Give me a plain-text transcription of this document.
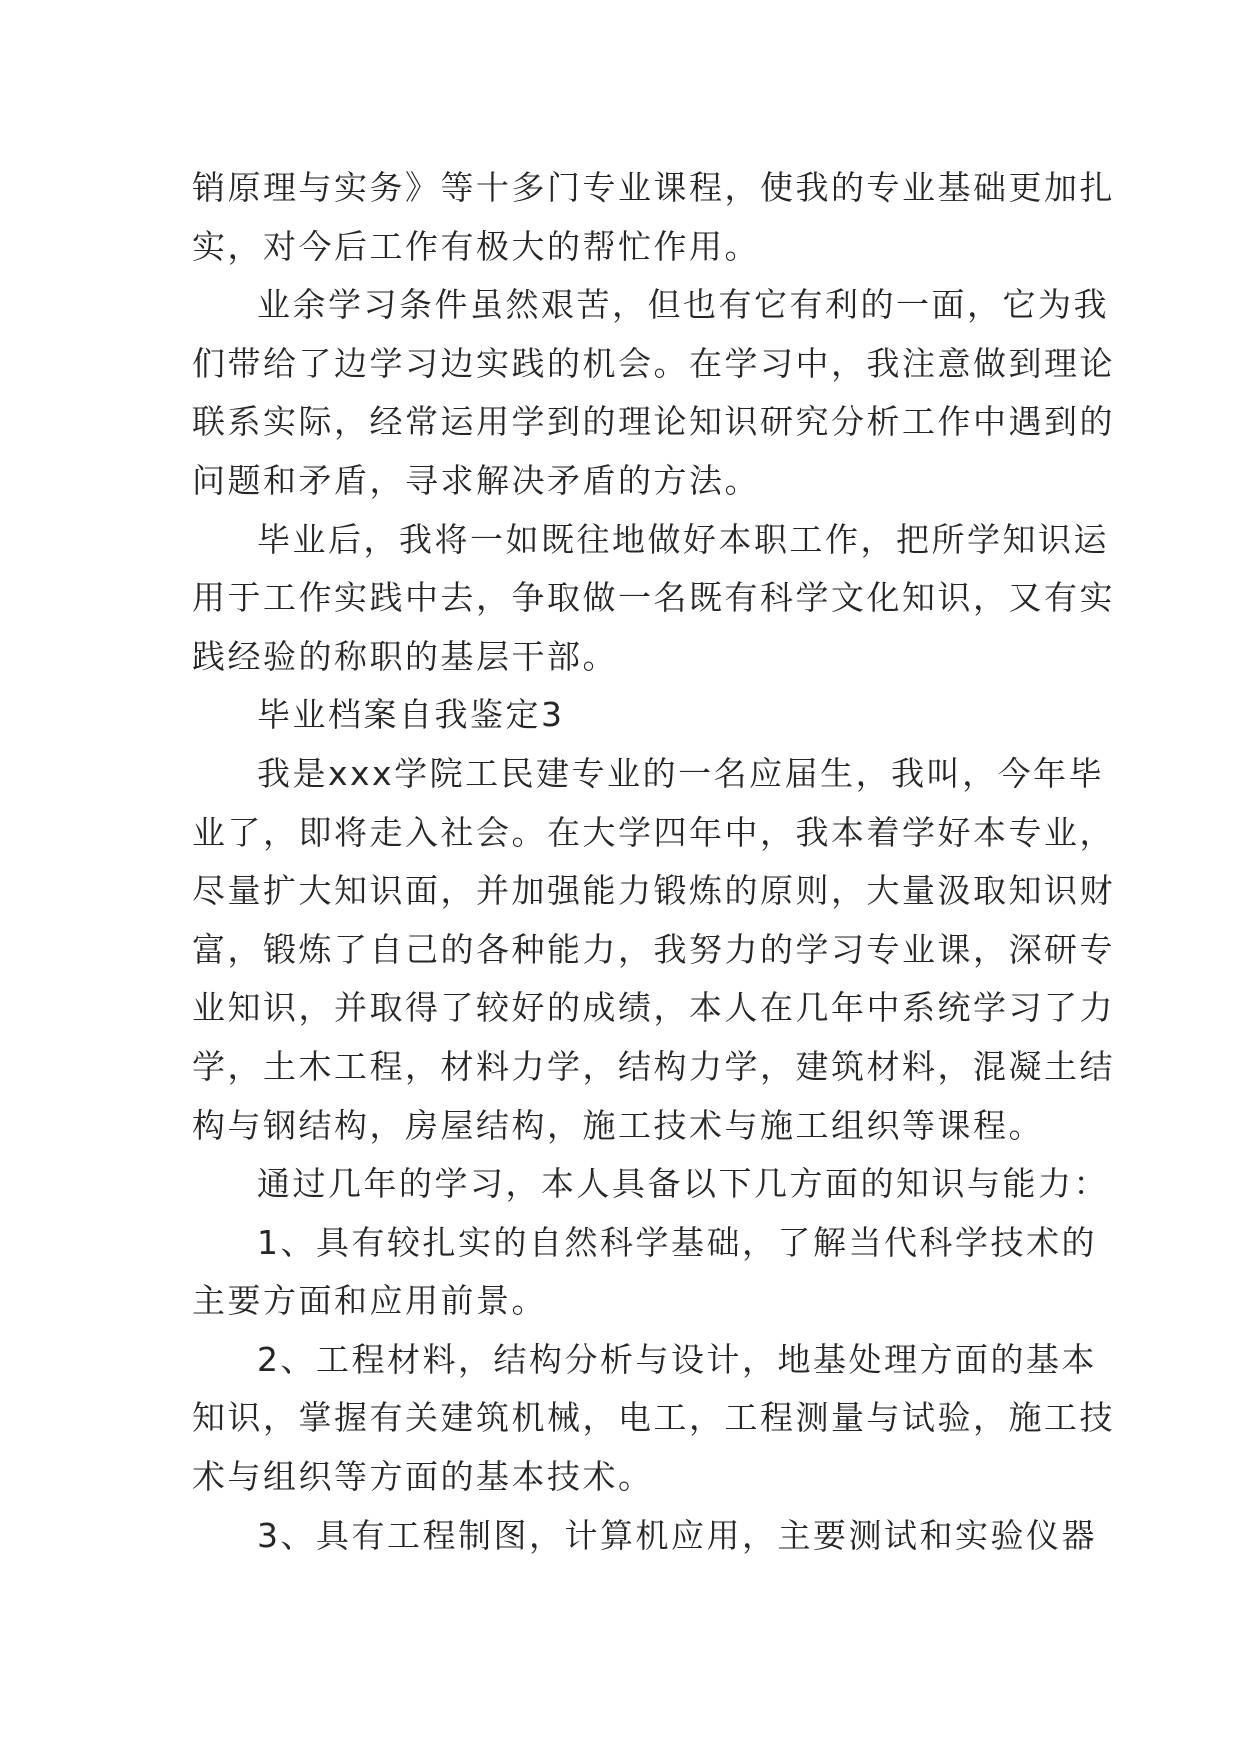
销原理与实务》等十多门专业课程，使我的专业基础更加扎
实，对今后工作有极大的帮忙作用。
业余学习条件虽然艰苦，但也有它有利的一面，它为我
们带给了边学习边实践的机会。在学习中，我注意做到理论
联系实际，经常运用学到的理论知识研究分析工作中遇到的
问题和矛盾，寻求解决矛盾的方法。
毕业后，我将一如既往地做好本职工作，把所学知识运
用于工作实践中去，争取做一名既有科学文化知识，又有实
践经验的称职的基层干部。
毕业档案自我鉴定3
我是xxx学院工民建专业的一名应届生，我叫，今年毕
业了，即将走入社会。在大学四年中，我本着学好本专业，
尽量扩大知识面，并加强能力锻炼的原则，大量汲取知识财
富，锻炼了自己的各种能力，我努力的学习专业课，深研专
业知识，并取得了较好的成绩，本人在几年中系统学习了力
学，土木工程，材料力学，结构力学，建筑材料，混凝土结
构与钢结构，房屋结构，施工技术与施工组织等课程。
通过几年的学习，本人具备以下几方面的知识与能力：
1、具有较扎实的自然科学基础，了解当代科学技术的
主要方面和应用前景。
2、工程材料，结构分析与设计，地基处理方面的基本
知识，掌握有关建筑机械，电工，工程测量与试验，施工技
术与组织等方面的基本技术。
3、具有工程制图，计算机应用，主要测试和实验仪器
